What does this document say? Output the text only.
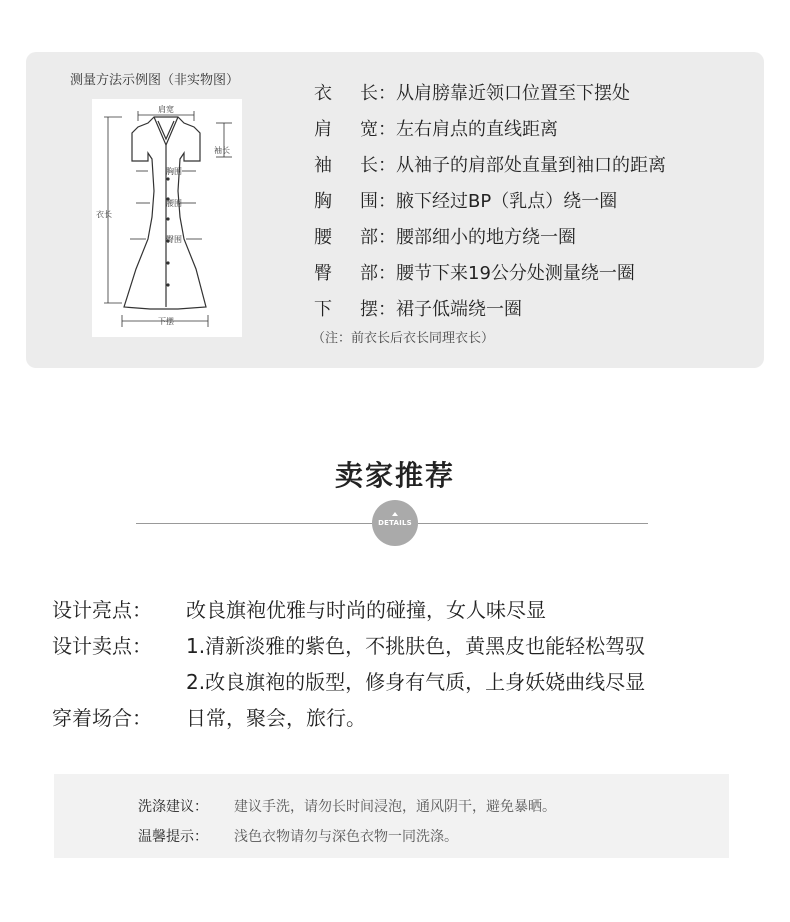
测量方法示例图（非实物图）
肩宽
袖长
胸围
腰围
臀围
衣长
下摆
衣 长 ： 从肩膀靠近领口位置至下摆处
肩 宽 ： 左右肩点的直线距离
袖 长 ： 从袖子的肩部处直量到袖口的距离
胸 围 ： 腋下经过BP（乳点）绕一圈
腰 部 ： 腰部细小的地方绕一圈
臀 部 ： 腰节下来19公分处测量绕一圈
下 摆 ： 裙子低端绕一圈
（注：前衣长后衣长同理衣长）
卖家推荐
DETAILS
设计亮点：	改良旗袍优雅与时尚的碰撞，女人味尽显
设计卖点：	1.清新淡雅的紫色，不挑肤色，黄黑皮也能轻松驾驭
2.改良旗袍的版型，修身有气质，上身妖娆曲线尽显
穿着场合：	日常，聚会，旅行。
洗涤建议： 建议手洗，请勿长时间浸泡，通风阴干，避免暴晒。
温馨提示： 浅色衣物请勿与深色衣物一同洗涤。
